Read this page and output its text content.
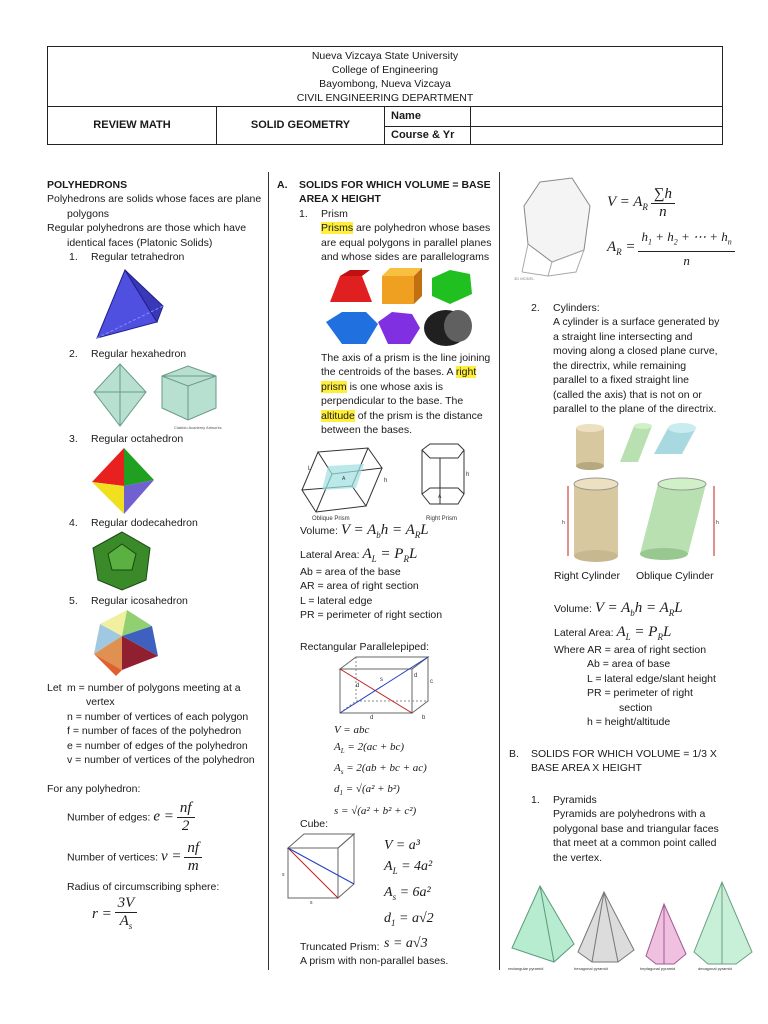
Nueva Vizcaya State University
College of Engineering
Bayombong, Nueva Vizcaya
CIVIL ENGINEERING DEPARTMENT
REVIEW MATH	SOLID GEOMETRY
Name
Course & Yr
POLYHEDRONS
Polyhedrons are solids whose faces are plane polygons
Regular polyhedrons are those which have identical faces (Platonic Solids)
1. Regular tetrahedron
2. Regular hexahedron
Clabido Academy Artworks
3. Regular octahedron
4. Regular dodecahedron
5. Regular icosahedron
Let m = number of polygons meeting at a vertex
n = number of vertices of each polygon
f = number of faces of the polyhedron
e = number of edges of the polyhedron
v = number of vertices of the polyhedron
For any polyhedron:
Number of edges: $e = \frac{nf}{2}$
Number of vertices: $v = \frac{nf}{m}$
Radius of circumscribing sphere:
$r = \frac{3V}{A_s}$
A.	SOLIDS FOR WHICH VOLUME = BASE AREA X HEIGHT
1. Prism
Prisms are polyhedron whose bases are equal polygons in parallel planes and whose sides are parallelograms
The axis of a prism is the line joining the centroids of the bases. A right prism is one whose axis is perpendicular to the base. The altitude of the prism is the distance between the bases.
L
h
A
h
A
Oblique Prism	Right Prism
Volume: $V = A_bh = A_RL$
Lateral Area: $A_L = P_RL$
Ab = area of the base
AR = area of right section
L = lateral edge
PR = perimeter of right section
Rectangular Parallelepiped:
d
s
d
c
b
d
V = abc
$A_L = 2(ac + bc)$
$A_s = 2(ab$ + bc + ac)
$d_1 = √(a^2 + b^2)$
s = √(a² + b² + c²)
Cube:
s
s
V = a³
$A_L = 4a^2$
$A_s = 6a^2$
$d_1 = a√2$
s = a√3
Truncated Prism:
A prism with non-parallel bases.
3D MODEL
$V = A_R \frac{\sum h}{n}$
$A_R = \frac{h_1 + h_2 + \cdots + h_n}{n}$
2. Cylinders:
A cylinder is a surface generated by a straight line intersecting and moving along a closed plane curve, the directrix, while remaining parallel to a fixed straight line (called the axis) that is not on or parallel to the plane of the directrix.
h	h
Right Cylinder Oblique Cylinder
Volume: $V = A_bh = A_RL$
Lateral Area: $A_L = P_RL$
Where AR = area of right section
Ab = area of base
L = lateral edge/slant height
PR = perimeter of right
section
h = height/altitude
B.	SOLIDS FOR WHICH VOLUME = 1/3 X BASE AREA X HEIGHT
1. Pyramids
Pyramids are polyhedrons with a polygonal base and triangular faces that meet at a common point called the vertex.
rectangular pyramid	hexagonal pyramid	heptagonal pyramid	decagonal pyramid
